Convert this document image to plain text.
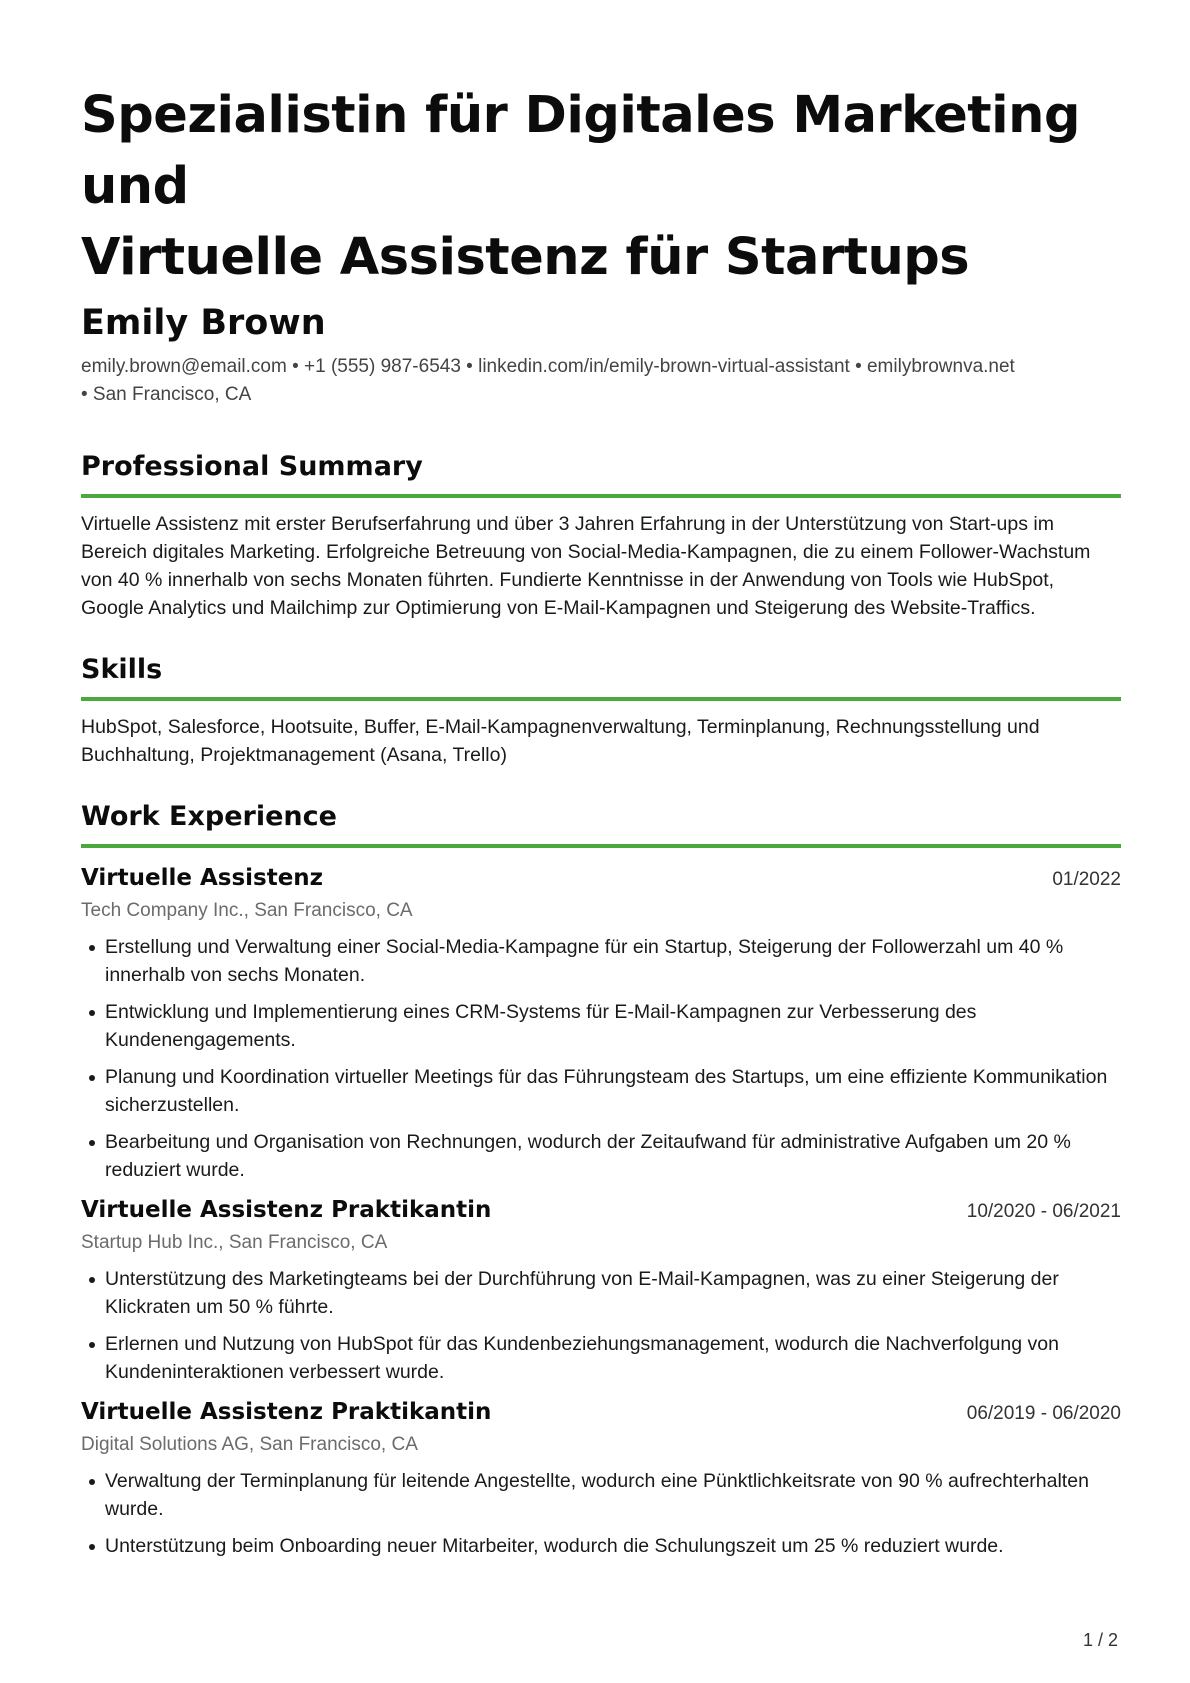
Spezialistin für Digitales Marketing und
Virtuelle Assistenz für Startups
Emily Brown
emily.brown@email.com • +1 (555) 987-6543 • linkedin.com/in/emily-brown-virtual-assistant • emilybrownva.net
• San Francisco, CA
Professional Summary
Virtuelle Assistenz mit erster Berufserfahrung und über 3 Jahren Erfahrung in der Unterstützung von Start-ups im Bereich digitales Marketing. Erfolgreiche Betreuung von Social-Media-Kampagnen, die zu einem Follower-Wachstum von 40 % innerhalb von sechs Monaten führten. Fundierte Kenntnisse in der Anwendung von Tools wie HubSpot, Google Analytics und Mailchimp zur Optimierung von E-Mail-Kampagnen und Steigerung des Website-Traffics.
Skills
HubSpot, Salesforce, Hootsuite, Buffer, E-Mail-Kampagnenverwaltung, Terminplanung, Rechnungsstellung und Buchhaltung, Projektmanagement (Asana, Trello)
Work Experience
Virtuelle Assistenz	01/2022
Tech Company Inc., San Francisco, CA
Erstellung und Verwaltung einer Social-Media-Kampagne für ein Startup, Steigerung der Followerzahl um 40 % innerhalb von sechs Monaten.
Entwicklung und Implementierung eines CRM-Systems für E-Mail-Kampagnen zur Verbesserung des Kundenengagements.
Planung und Koordination virtueller Meetings für das Führungsteam des Startups, um eine effiziente Kommunikation sicherzustellen.
Bearbeitung und Organisation von Rechnungen, wodurch der Zeitaufwand für administrative Aufgaben um 20 % reduziert wurde.
Virtuelle Assistenz Praktikantin	10/2020 - 06/2021
Startup Hub Inc., San Francisco, CA
Unterstützung des Marketingteams bei der Durchführung von E-Mail-Kampagnen, was zu einer Steigerung der Klickraten um 50 % führte.
Erlernen und Nutzung von HubSpot für das Kundenbeziehungsmanagement, wodurch die Nachverfolgung von Kundeninteraktionen verbessert wurde.
Virtuelle Assistenz Praktikantin	06/2019 - 06/2020
Digital Solutions AG, San Francisco, CA
Verwaltung der Terminplanung für leitende Angestellte, wodurch eine Pünktlichkeitsrate von 90 % aufrechterhalten wurde.
Unterstützung beim Onboarding neuer Mitarbeiter, wodurch die Schulungszeit um 25 % reduziert wurde.
1 / 2
